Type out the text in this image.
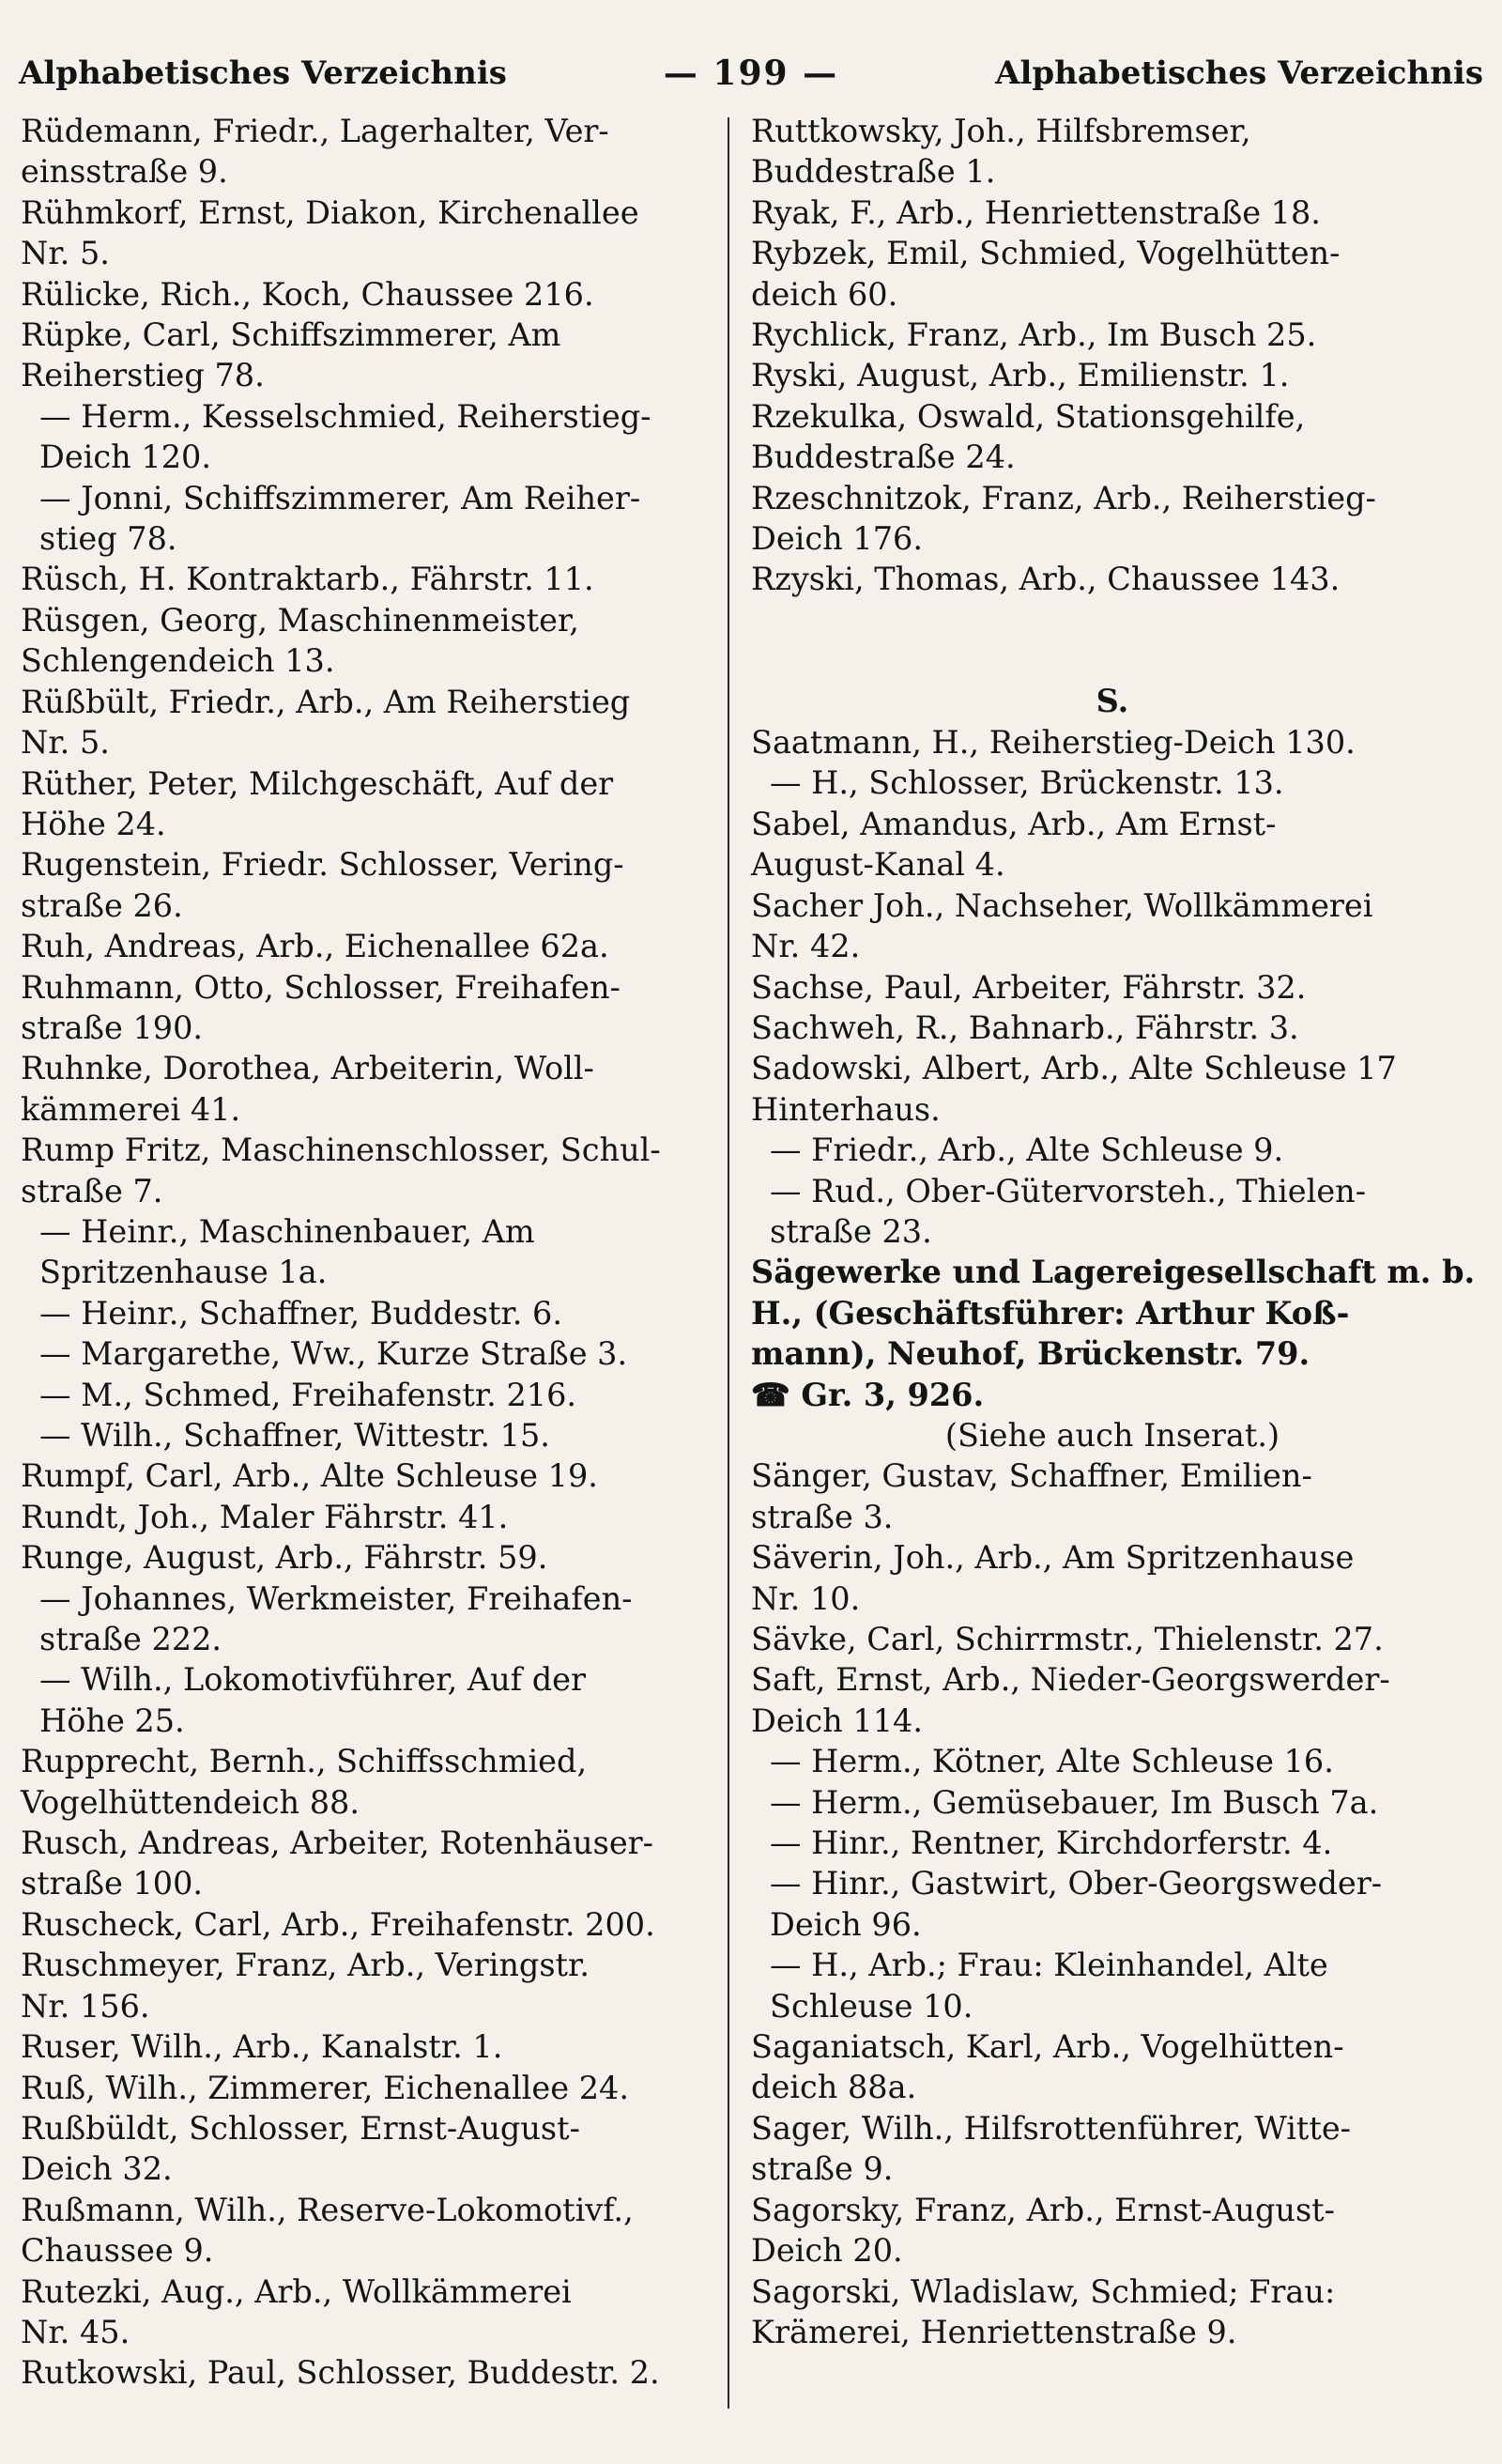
Alphabetisches Verzeichnis	— 199 —	Alphabetisches Verzeichnis
Rüdemann, Friedr., Lagerhalter, Ver-
einsstraße 9.
Rühmkorf, Ernst, Diakon, Kirchenallee
Nr. 5.
Rülicke, Rich., Koch, Chaussee 216.
Rüpke, Carl, Schiffszimmerer, Am
Reiherstieg 78.
— Herm., Kesselschmied, Reiherstieg-
Deich 120.
— Jonni, Schiffszimmerer, Am Reiher-
stieg 78.
Rüsch, H. Kontraktarb., Fährstr. 11.
Rüsgen, Georg, Maschinenmeister,
Schlengendeich 13.
Rüßbült, Friedr., Arb., Am Reiherstieg
Nr. 5.
Rüther, Peter, Milchgeschäft, Auf der
Höhe 24.
Rugenstein, Friedr. Schlosser, Vering-
straße 26.
Ruh, Andreas, Arb., Eichenallee 62a.
Ruhmann, Otto, Schlosser, Freihafen-
straße 190.
Ruhnke, Dorothea, Arbeiterin, Woll-
kämmerei 41.
Rump Fritz, Maschinenschlosser, Schul-
straße 7.
— Heinr., Maschinenbauer, Am
Spritzenhause 1a.
— Heinr., Schaffner, Buddestr. 6.
— Margarethe, Ww., Kurze Straße 3.
— M., Schmed, Freihafenstr. 216.
— Wilh., Schaffner, Wittestr. 15.
Rumpf, Carl, Arb., Alte Schleuse 19.
Rundt, Joh., Maler Fährstr. 41.
Runge, August, Arb., Fährstr. 59.
— Johannes, Werkmeister, Freihafen-
straße 222.
— Wilh., Lokomotivführer, Auf der
Höhe 25.
Rupprecht, Bernh., Schiffsschmied,
Vogelhüttendeich 88.
Rusch, Andreas, Arbeiter, Rotenhäuser-
straße 100.
Ruscheck, Carl, Arb., Freihafenstr. 200.
Ruschmeyer, Franz, Arb., Veringstr.
Nr. 156.
Ruser, Wilh., Arb., Kanalstr. 1.
Ruß, Wilh., Zimmerer, Eichenallee 24.
Rußbüldt, Schlosser, Ernst-August-
Deich 32.
Rußmann, Wilh., Reserve-Lokomotivf.,
Chaussee 9.
Rutezki, Aug., Arb., Wollkämmerei
Nr. 45.
Rutkowski, Paul, Schlosser, Buddestr. 2.
Ruttkowsky, Joh., Hilfsbremser,
Buddestraße 1.
Ryak, F., Arb., Henriettenstraße 18.
Rybzek, Emil, Schmied, Vogelhütten-
deich 60.
Rychlick, Franz, Arb., Im Busch 25.
Ryski, August, Arb., Emilienstr. 1.
Rzekulka, Oswald, Stationsgehilfe,
Buddestraße 24.
Rzeschnitzok, Franz, Arb., Reiherstieg-
Deich 176.
Rzyski, Thomas, Arb., Chaussee 143.
S.
Saatmann, H., Reiherstieg-Deich 130.
— H., Schlosser, Brückenstr. 13.
Sabel, Amandus, Arb., Am Ernst-
August-Kanal 4.
Sacher Joh., Nachseher, Wollkämmerei
Nr. 42.
Sachse, Paul, Arbeiter, Fährstr. 32.
Sachweh, R., Bahnarb., Fährstr. 3.
Sadowski, Albert, Arb., Alte Schleuse 17
Hinterhaus.
— Friedr., Arb., Alte Schleuse 9.
— Rud., Ober-Gütervorsteh., Thielen-
straße 23.
Sägewerke und Lagereigesellschaft m. b.
H., (Geschäftsführer: Arthur Koß-
mann), Neuhof, Brückenstr. 79.
☎ Gr. 3, 926.
(Siehe auch Inserat.)
Sänger, Gustav, Schaffner, Emilien-
straße 3.
Säverin, Joh., Arb., Am Spritzenhause
Nr. 10.
Sävke, Carl, Schirrmstr., Thielenstr. 27.
Saft, Ernst, Arb., Nieder-Georgswerder-
Deich 114.
— Herm., Kötner, Alte Schleuse 16.
— Herm., Gemüsebauer, Im Busch 7a.
— Hinr., Rentner, Kirchdorferstr. 4.
— Hinr., Gastwirt, Ober-Georgsweder-
Deich 96.
— H., Arb.; Frau: Kleinhandel, Alte
Schleuse 10.
Saganiatsch, Karl, Arb., Vogelhütten-
deich 88a.
Sager, Wilh., Hilfsrottenführer, Witte-
straße 9.
Sagorsky, Franz, Arb., Ernst-August-
Deich 20.
Sagorski, Wladislaw, Schmied; Frau:
Krämerei, Henriettenstraße 9.
